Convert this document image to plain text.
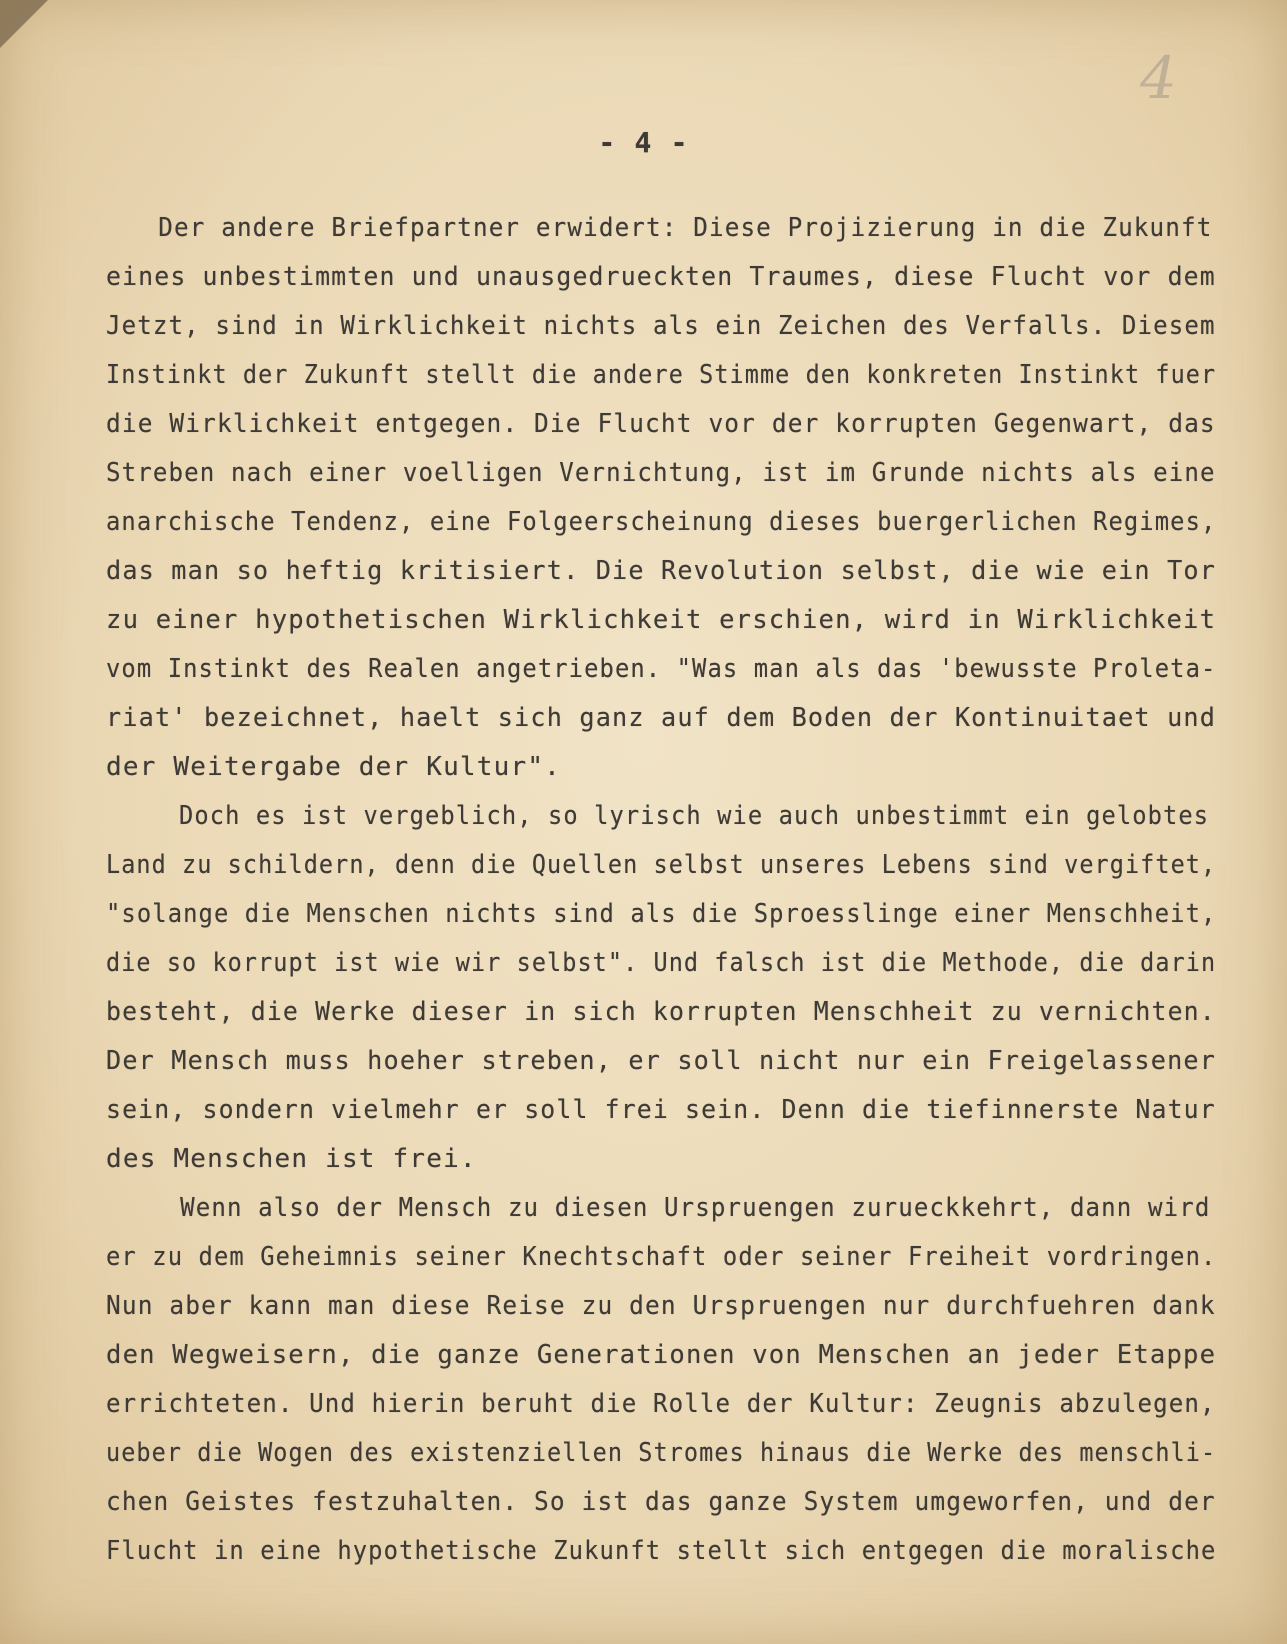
4
- 4 -
Der andere Briefpartner erwidert: Diese Projizierung in die Zukunft
eines unbestimmten und unausgedrueckten Traumes, diese Flucht vor dem
Jetzt, sind in Wirklichkeit nichts als ein Zeichen des Verfalls. Diesem
Instinkt der Zukunft stellt die andere Stimme den konkreten Instinkt fuer
die Wirklichkeit entgegen. Die Flucht vor der korrupten Gegenwart, das
Streben nach einer voelligen Vernichtung, ist im Grunde nichts als eine
anarchische Tendenz, eine Folgeerscheinung dieses buergerlichen Regimes,
das man so heftig kritisiert. Die Revolution selbst, die wie ein Tor
zu einer hypothetischen Wirklichkeit erschien, wird in Wirklichkeit
vom Instinkt des Realen angetrieben. "Was man als das 'bewusste Proleta-
riat' bezeichnet, haelt sich ganz auf dem Boden der Kontinuitaet und
der Weitergabe der Kultur".
Doch es ist vergeblich, so lyrisch wie auch unbestimmt ein gelobtes
Land zu schildern, denn die Quellen selbst unseres Lebens sind vergiftet,
"solange die Menschen nichts sind als die Sproesslinge einer Menschheit,
die so korrupt ist wie wir selbst". Und falsch ist die Methode, die darin
besteht, die Werke dieser in sich korrupten Menschheit zu vernichten.
Der Mensch muss hoeher streben, er soll nicht nur ein Freigelassener
sein, sondern vielmehr er soll frei sein. Denn die tiefinnerste Natur
des Menschen ist frei.
Wenn also der Mensch zu diesen Urspruengen zurueckkehrt, dann wird
er zu dem Geheimnis seiner Knechtschaft oder seiner Freiheit vordringen.
Nun aber kann man diese Reise zu den Urspruengen nur durchfuehren dank
den Wegweisern, die ganze Generationen von Menschen an jeder Etappe
errichteten. Und hierin beruht die Rolle der Kultur: Zeugnis abzulegen,
ueber die Wogen des existenziellen Stromes hinaus die Werke des menschli-
chen Geistes festzuhalten. So ist das ganze System umgeworfen, und der
Flucht in eine hypothetische Zukunft stellt sich entgegen die moralische
